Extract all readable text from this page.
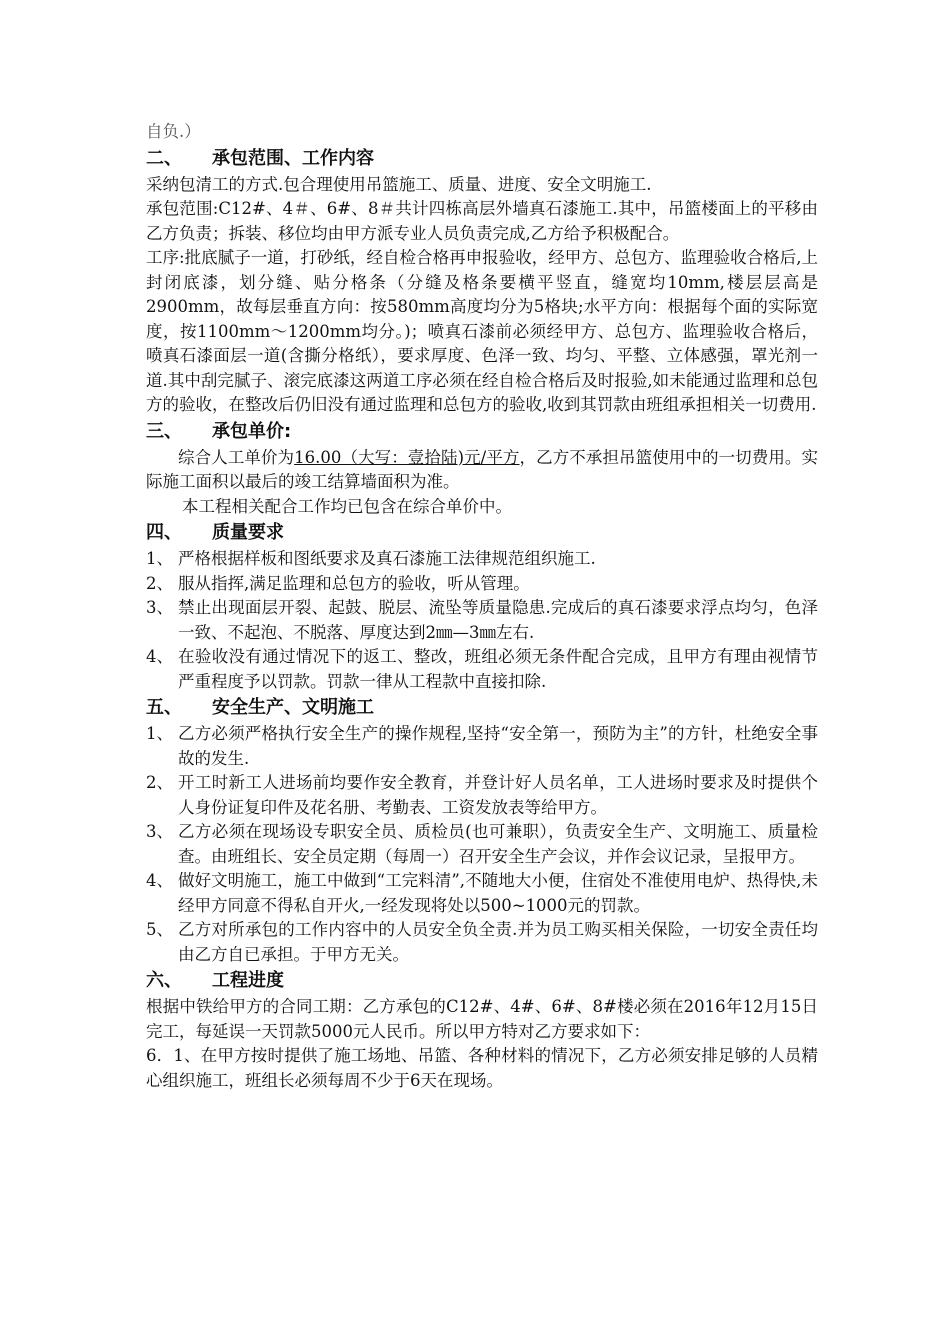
自负.）

二、 承包范围、工作内容

采纳包清工的方式.包合理使用吊篮施工、质量、进度、安全文明施工.

承包范围:C12#、4＃、6#、8＃共计四栋高层外墙真石漆施工.其中，吊篮楼面上的平移由乙方负责；拆装、移位均由甲方派专业人员负责完成,乙方给予积极配合。

工序:批底腻子一道，打砂纸，经自检合格再申报验收，经甲方、总包方、监理验收合格后,上封闭底漆，划分缝、贴分格条（分缝及格条要横平竖直，缝宽均10mm,楼层层高是2900mm，故每层垂直方向：按580mm高度均分为5格块;水平方向：根据每个面的实际宽度，按1100mm～1200mm均分。)；喷真石漆前必须经甲方、总包方、监理验收合格后，喷真石漆面层一道(含撕分格纸），要求厚度、色泽一致、均匀、平整、立体感强，罩光剂一道.其中刮完腻子、滚完底漆这两道工序必须在经自检合格后及时报验,如未能通过监理和总包方的验收，在整改后仍旧没有通过监理和总包方的验收,收到其罚款由班组承担相关一切费用.

三、 承包单价:

综合人工单价为16.00（大写：壹拾陆)元/平方，乙方不承担吊篮使用中的一切费用。实际施工面积以最后的竣工结算墙面积为准。

本工程相关配合工作均已包含在综合单价中。

四、 质量要求
1、 严格根据样板和图纸要求及真石漆施工法律规范组织施工.
2、 服从指挥,满足监理和总包方的验收，听从管理。
3、 禁止出现面层开裂、起鼓、脱层、流坠等质量隐患.完成后的真石漆要求浮点均匀，色泽一致、不起泡、不脱落、厚度达到2㎜—3㎜左右.
4、 在验收没有通过情况下的返工、整改，班组必须无条件配合完成，且甲方有理由视情节严重程度予以罚款。罚款一律从工程款中直接扣除.
五、 安全生产、文明施工
1、 乙方必须严格执行安全生产的操作规程,坚持“安全第一，预防为主”的方针，杜绝安全事故的发生.
2、 开工时新工人进场前均要作安全教育，并登计好人员名单，工人进场时要求及时提供个人身份证复印件及花名册、考勤表、工资发放表等给甲方。
3、 乙方必须在现场设专职安全员、质检员(也可兼职），负责安全生产、文明施工、质量检查。由班组长、安全员定期（每周一）召开安全生产会议，并作会议记录，呈报甲方。
4、 做好文明施工，施工中做到“工完料清”,不随地大小便，住宿处不准使用电炉、热得快,未经甲方同意不得私自开火,一经发现将处以500~1000元的罚款。
5、 乙方对所承包的工作内容中的人员安全负全责.并为员工购买相关保险，一切安全责任均由乙方自已承担。于甲方无关。
六、 工程进度

根据中铁给甲方的合同工期：乙方承包的C12#、4#、6#、8#楼必须在2016年12月15日完工，每延误一天罚款5000元人民币。所以甲方特对乙方要求如下：

6．1、在甲方按时提供了施工场地、吊篮、各种材料的情况下，乙方必须安排足够的人员精心组织施工，班组长必须每周不少于6天在现场。
